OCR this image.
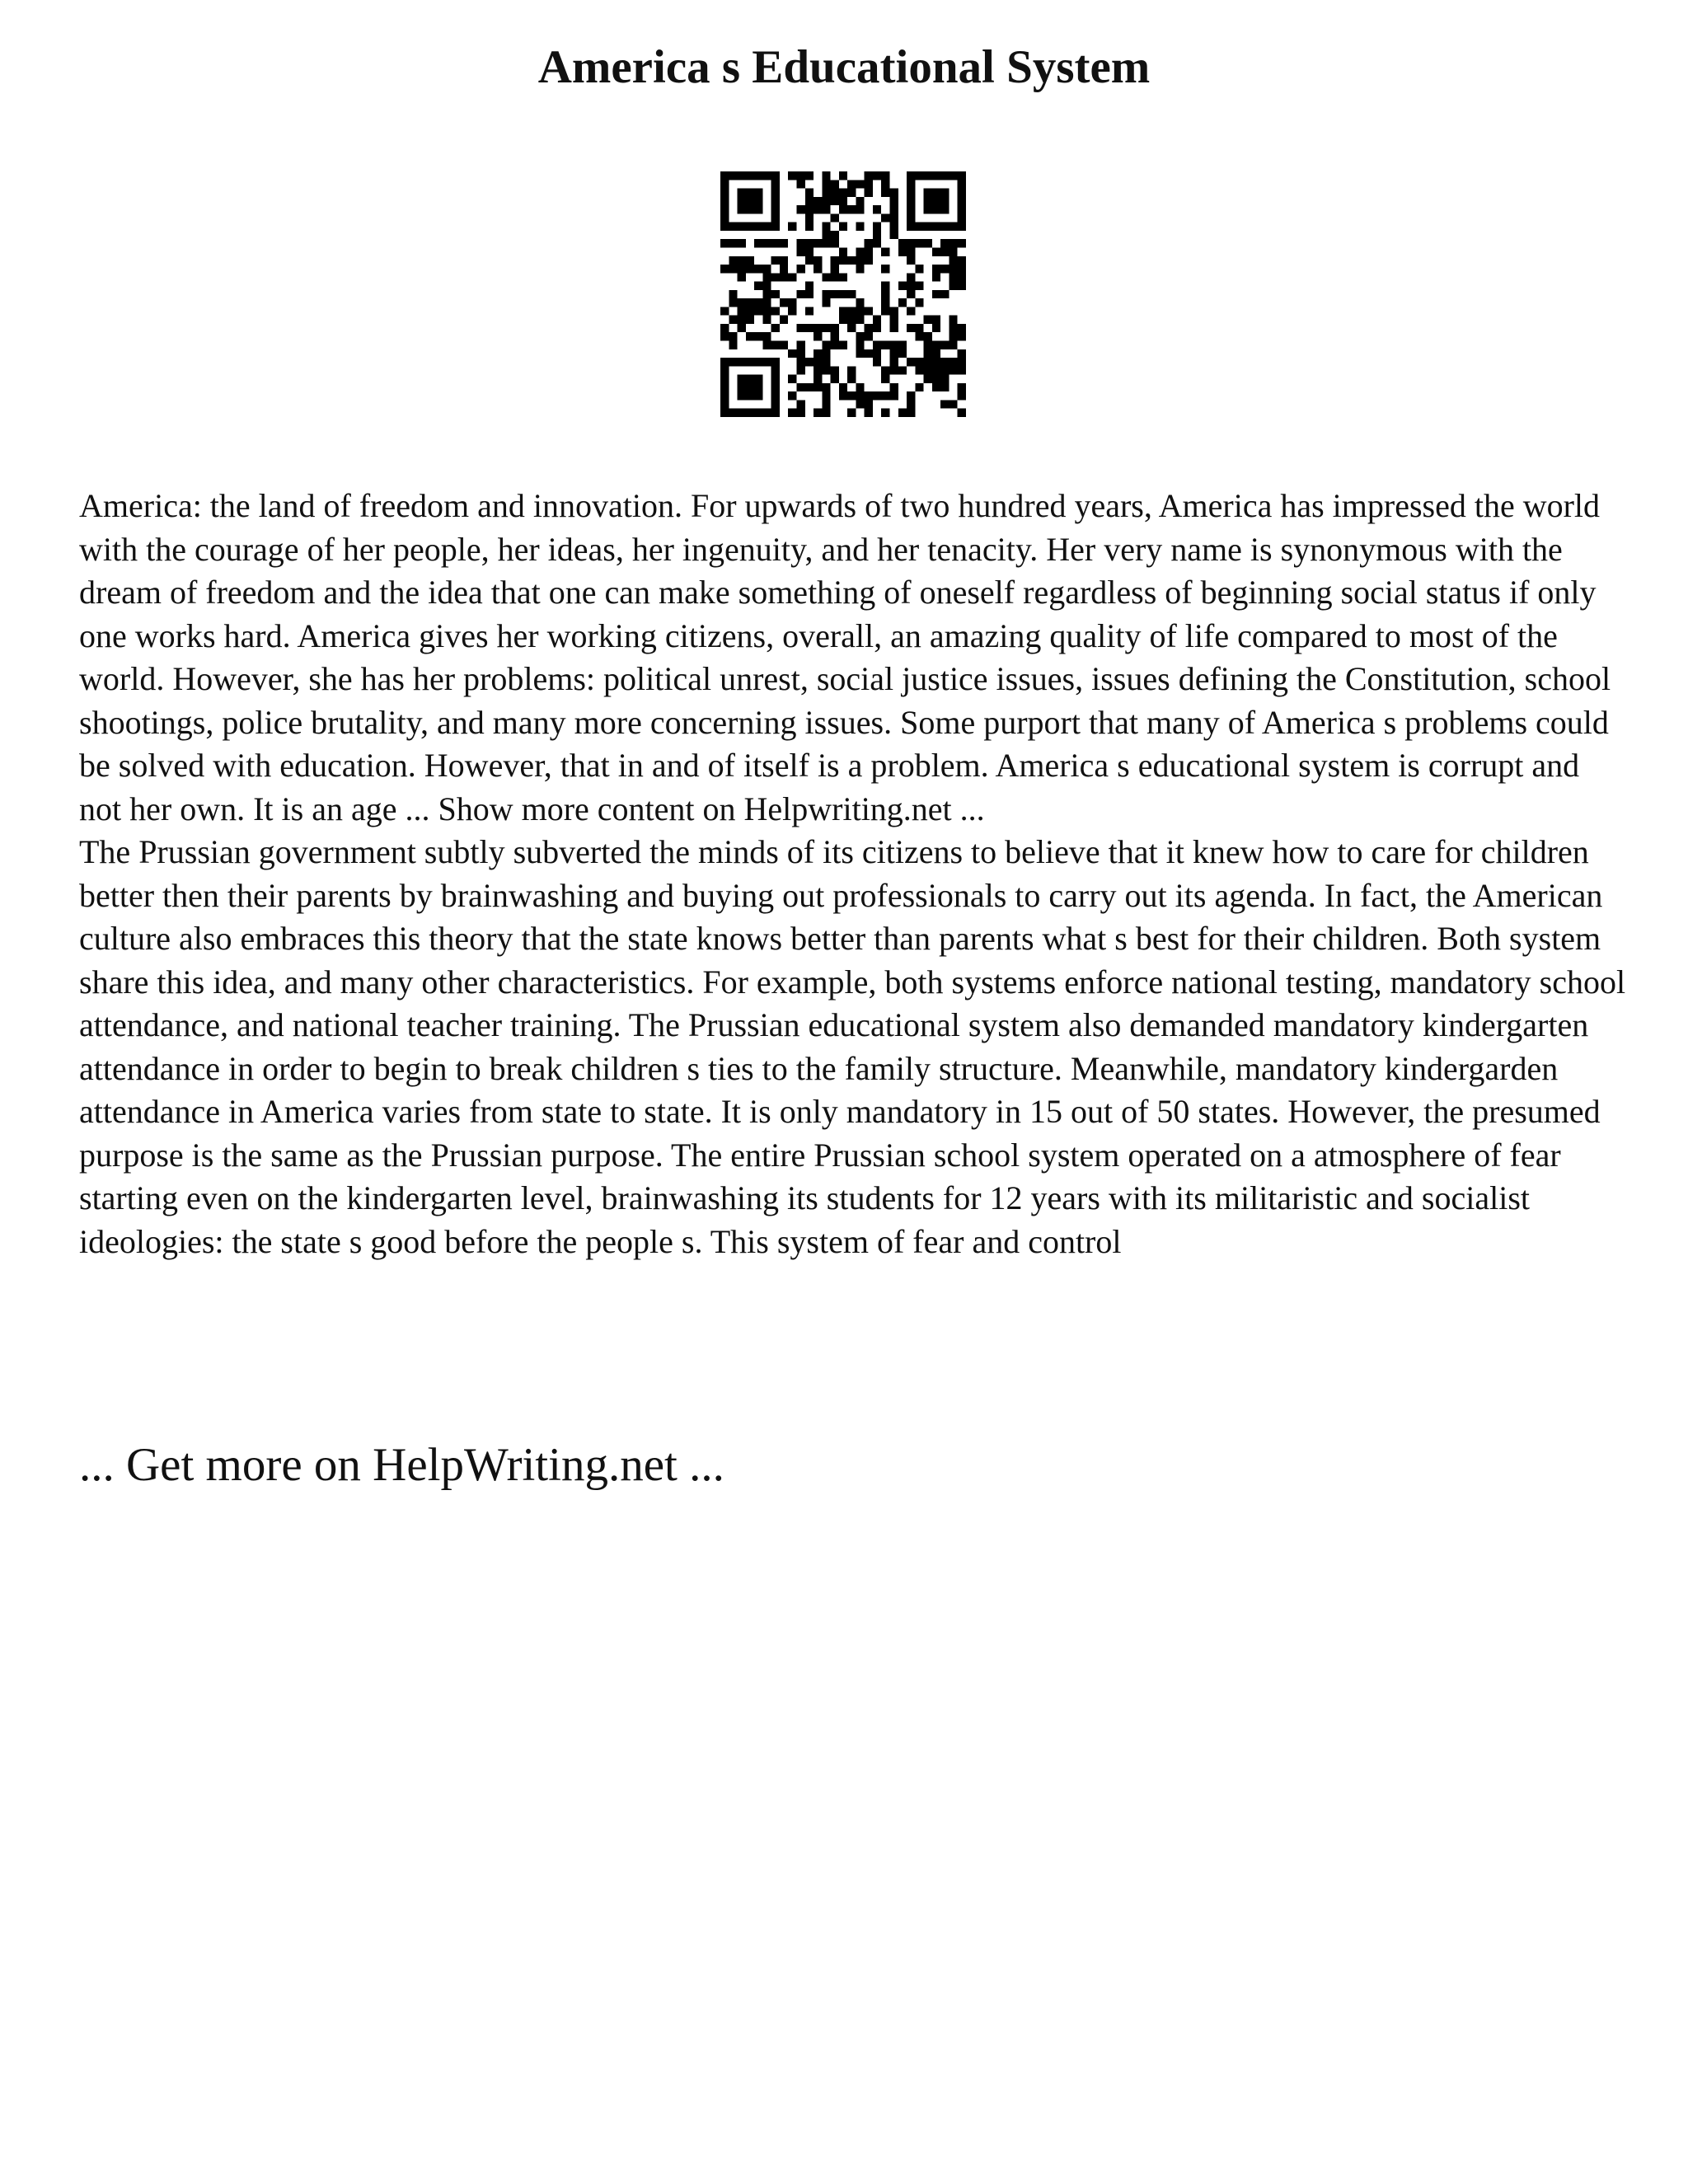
America s Educational System

America: the land of freedom and innovation. For upwards of two hundred years, America has impressed the world with the courage of her people, her ideas, her ingenuity, and her tenacity. Her very name is synonymous with the dream of freedom and the idea that one can make something of oneself regardless of beginning social status if only one works hard. America gives her working citizens, overall, an amazing quality of life compared to most of the world. However, she has her problems: political unrest, social justice issues, issues defining the Constitution, school shootings, police brutality, and many more concerning issues. Some purport that many of America s problems could be solved with education. However, that in and of itself is a problem. America s educational system is corrupt and not her own. It is an age ... Show more content on Helpwriting.net ...

The Prussian government subtly subverted the minds of its citizens to believe that it knew how to care for children better then their parents by brainwashing and buying out professionals to carry out its agenda. In fact, the American culture also embraces this theory that the state knows better than parents what s best for their children. Both system share this idea, and many other characteristics. For example, both systems enforce national testing, mandatory school attendance, and national teacher training. The Prussian educational system also demanded mandatory kindergarten attendance in order to begin to break children s ties to the family structure. Meanwhile, mandatory kindergarden attendance in America varies from state to state. It is only mandatory in 15 out of 50 states. However, the presumed purpose is the same as the Prussian purpose. The entire Prussian school system operated on a atmosphere of fear starting even on the kindergarten level, brainwashing its students for 12 years with its militaristic and socialist ideologies: the state s good before the people s. This system of fear and control

... Get more on HelpWriting.net ...
